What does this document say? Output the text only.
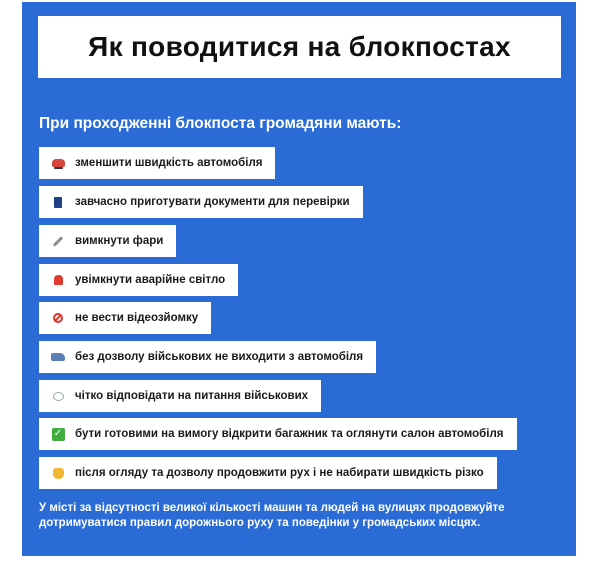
Як поводитися на блокпостах
При проходженні блокпоста громадяни мають:
зменшити швидкість автомобіля
завчасно приготувати документи для перевірки
вимкнути фари
увімкнути аварійне світло
не вести відеозйомку
без дозволу військових не виходити з автомобіля
чітко відповідати на питання військових
✓ бути готовими на вимогу відкрити багажник та оглянути салон автомобіля
після огляду та дозволу продовжити рух і не набирати швидкість різко
У місті за відсутності великої кількості машин та людей на вулицях продовжуйте дотримуватися правил дорожнього руху та поведінки у громадських місцях.
